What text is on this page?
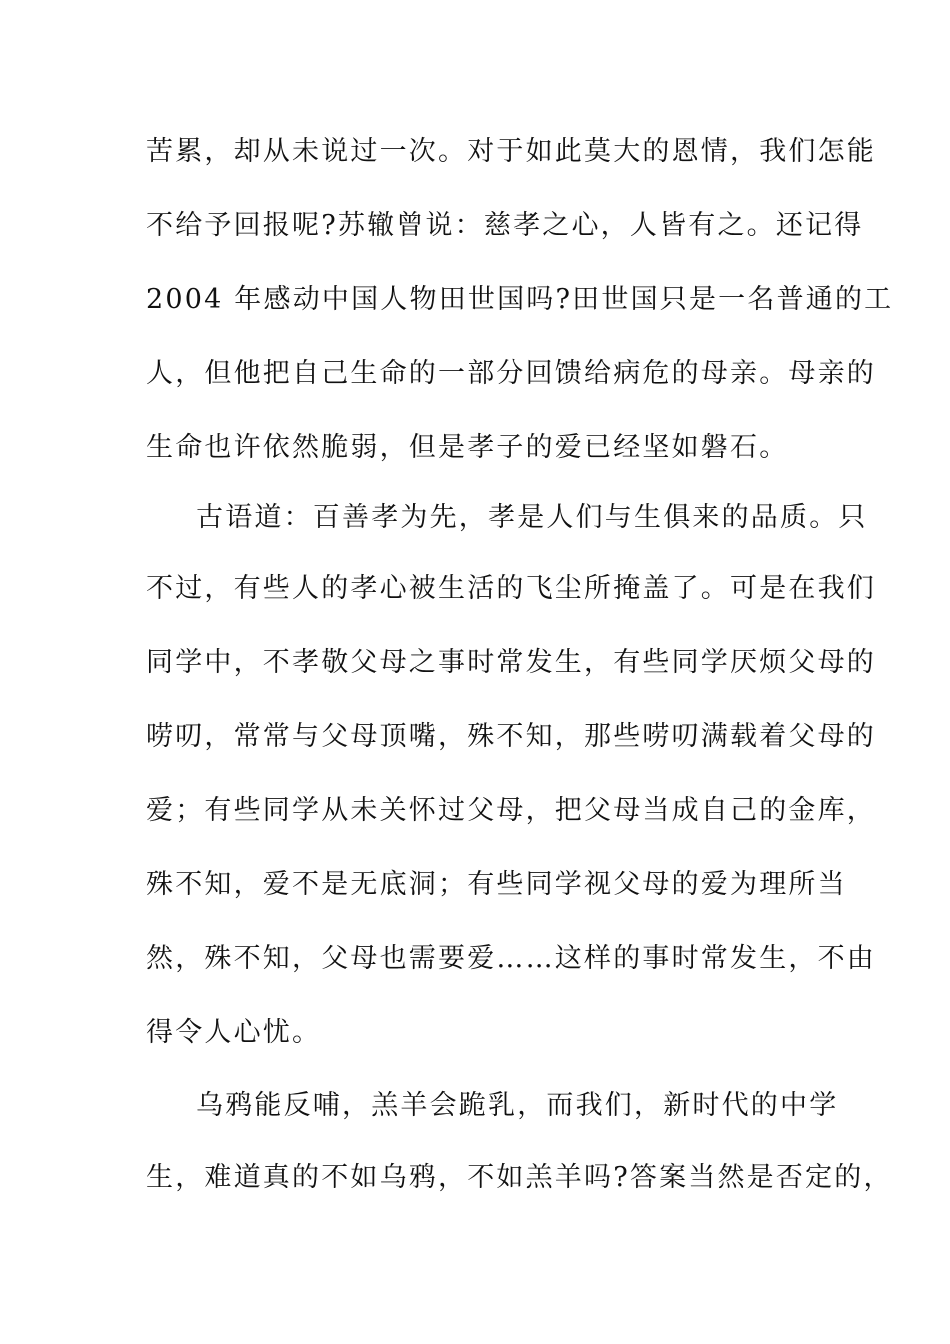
苦累，却从未说过一次。对于如此莫大的恩情，我们怎能
不给予回报呢?苏辙曾说：慈孝之心，人皆有之。还记得
2004 年感动中国人物田世国吗?田世国只是一名普通的工
人，但他把自己生命的一部分回馈给病危的母亲。母亲的
生命也许依然脆弱，但是孝子的爱已经坚如磐石。
古语道：百善孝为先，孝是人们与生俱来的品质。只
不过，有些人的孝心被生活的飞尘所掩盖了。可是在我们
同学中，不孝敬父母之事时常发生，有些同学厌烦父母的
唠叨，常常与父母顶嘴，殊不知，那些唠叨满载着父母的
爱；有些同学从未关怀过父母，把父母当成自己的金库，
殊不知，爱不是无底洞；有些同学视父母的爱为理所当
然，殊不知，父母也需要爱……这样的事时常发生，不由
得令人心忧。
乌鸦能反哺，羔羊会跪乳，而我们，新时代的中学
生，难道真的不如乌鸦，不如羔羊吗?答案当然是否定的，
